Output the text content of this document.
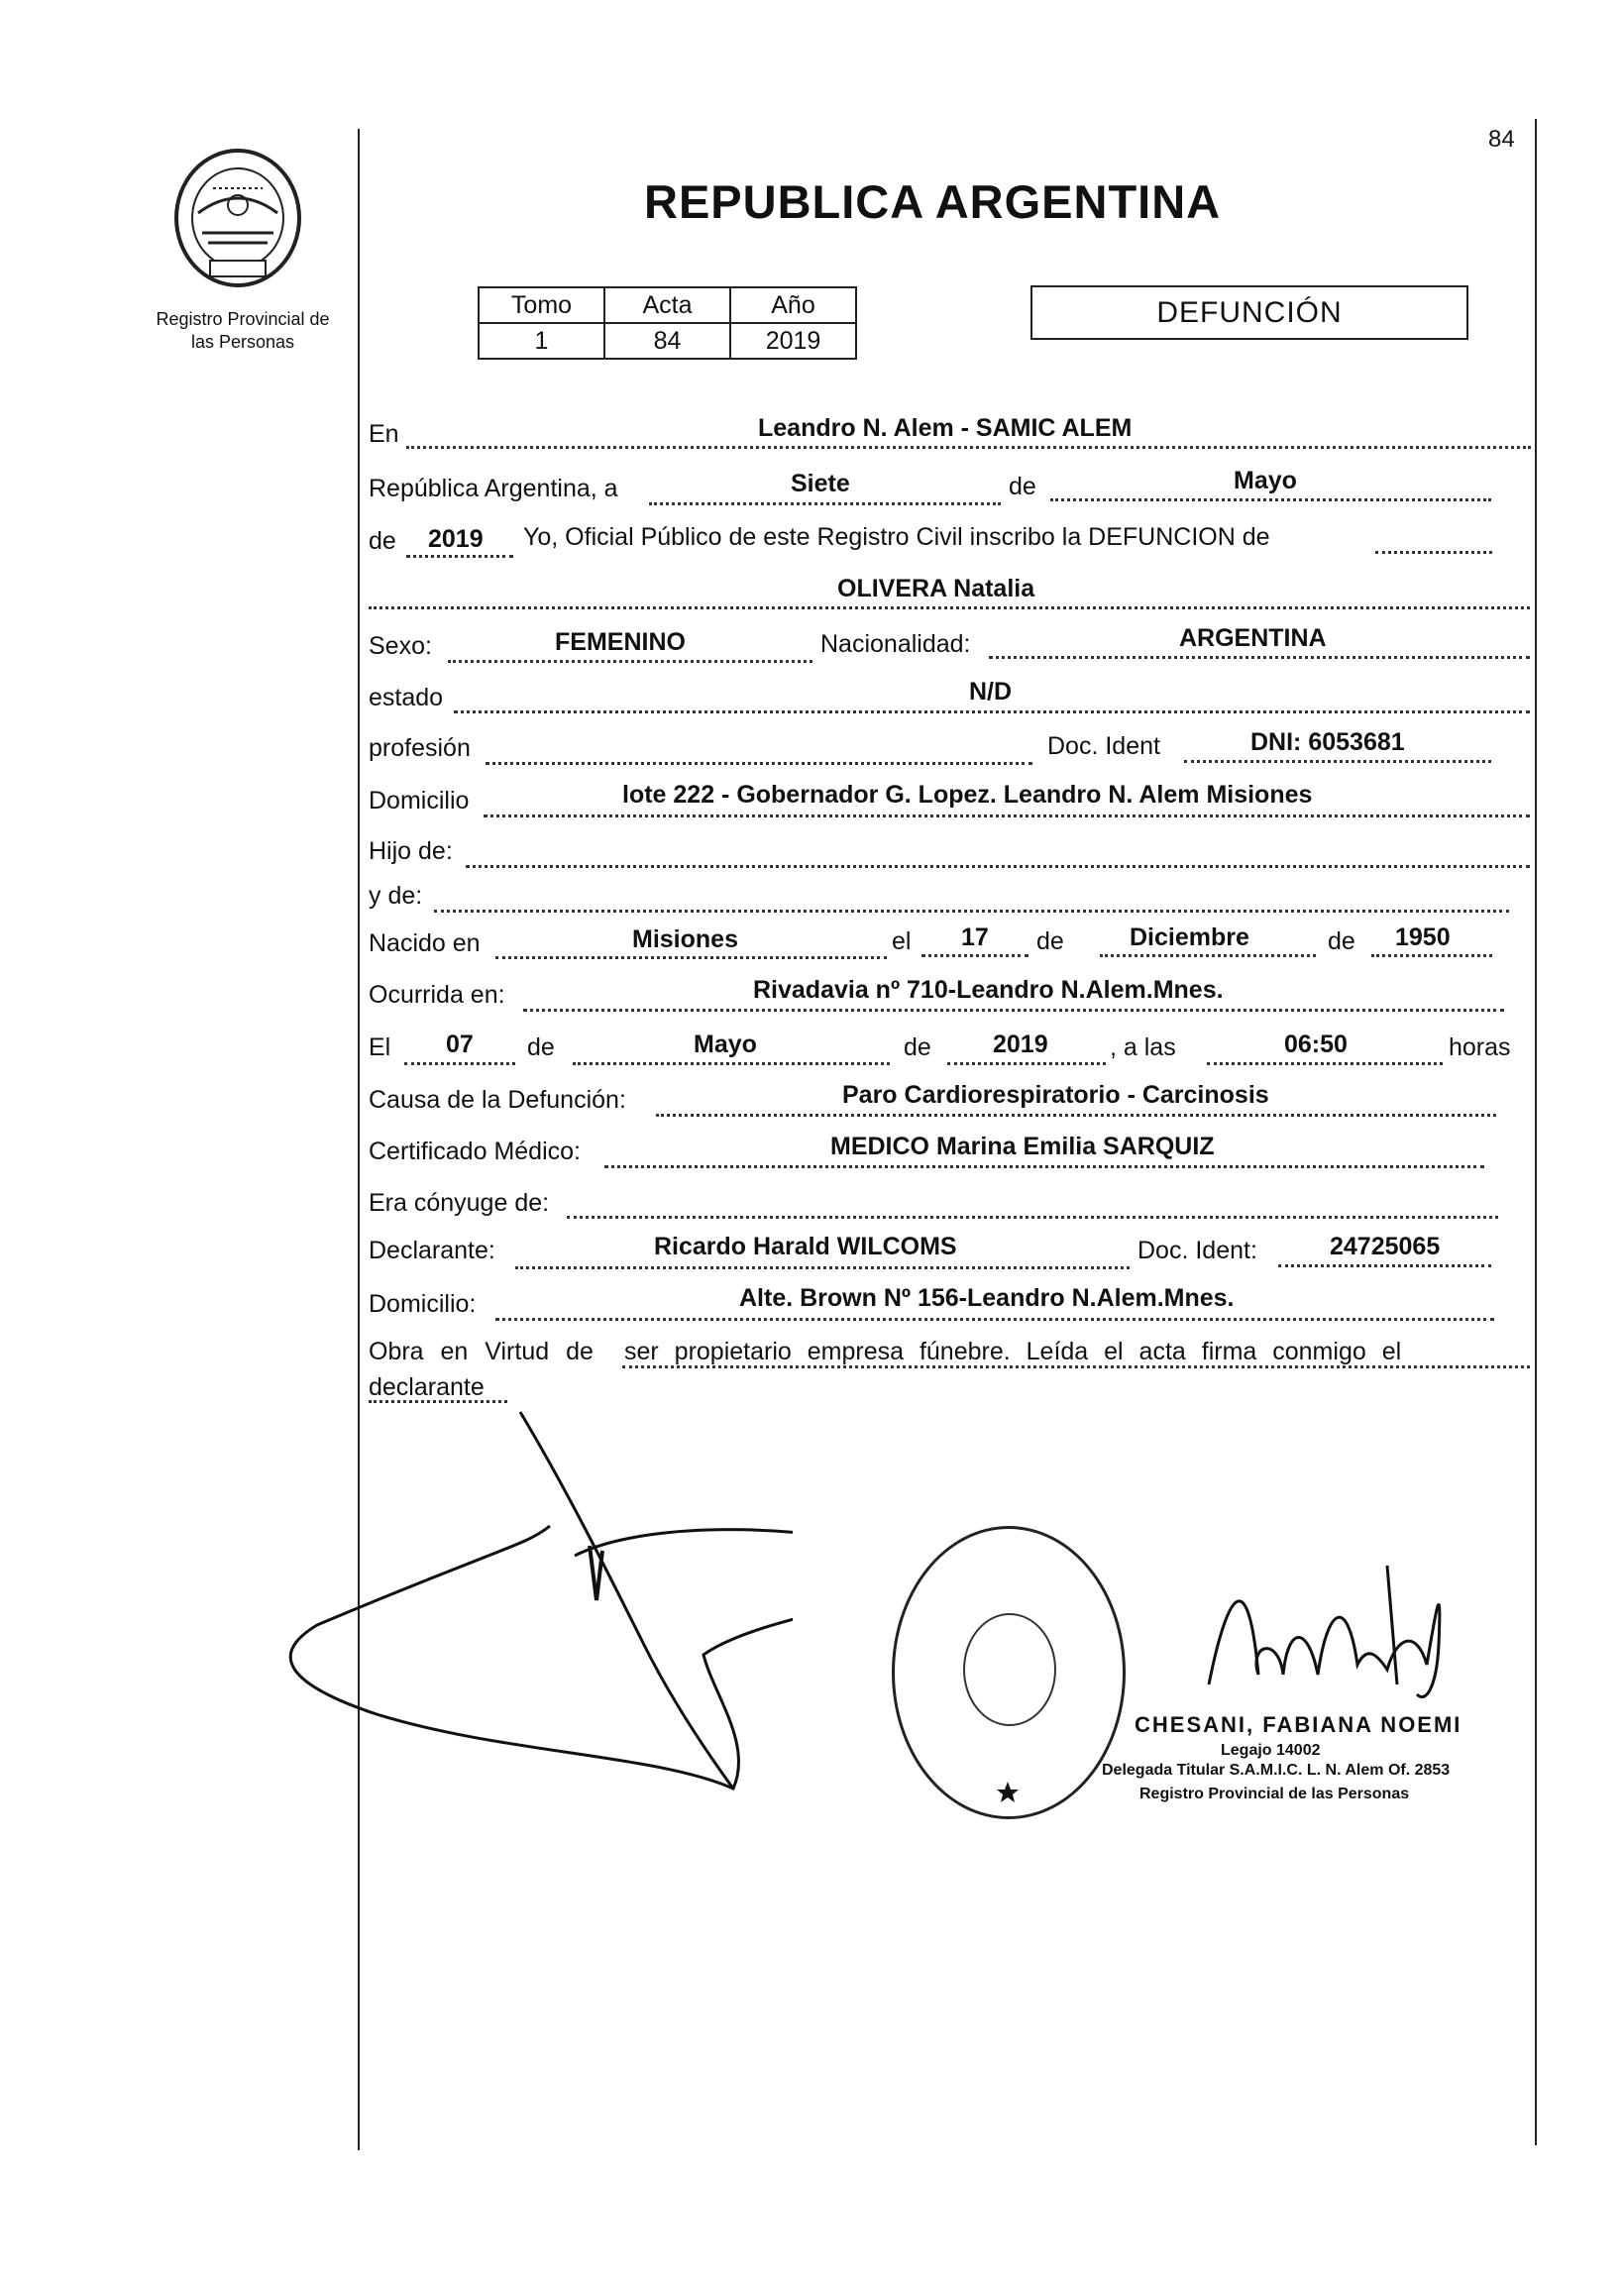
84
Registro Provincial de
las Personas
REPUBLICA ARGENTINA
Tomo	Acta	Año
1	84	2019
DEFUNCIÓN
En	Leandro N. Alem - SAMIC ALEM
República Argentina, a	Siete	de	Mayo
de 2019 Yo, Oficial Público de este Registro Civil inscribo la DEFUNCION de
OLIVERA Natalia
Sexo:	FEMENINO	Nacionalidad:	ARGENTINA
estado	N/D
profesión	Doc. Ident	DNI: 6053681
Domicilio	lote 222 - Gobernador G. Lopez. Leandro N. Alem Misiones
Hijo de:
y de:
Nacido en	Misiones	el 17 de	Diciembre	de 1950
Ocurrida en:	Rivadavia nº 710-Leandro N.Alem.Mnes.
El 07 de	Mayo	de 2019 , a las	06:50	horas
Causa de la Defunción:	Paro Cardiorespiratorio - Carcinosis
Certificado Médico:	MEDICO Marina Emilia SARQUIZ
Era cónyuge de:
Declarante:	Ricardo Harald WILCOMS	Doc. Ident:	24725065
Domicilio:	Alte. Brown Nº 156-Leandro N.Alem.Mnes.
Obra en Virtud de ser propietario empresa fúnebre. Leída el acta firma conmigo el
declarante
CHESANI, FABIANA NOEMI
Legajo 14002
Delegada Titular S.A.M.I.C. L. N. Alem Of. 2853
Registro Provincial de las Personas
